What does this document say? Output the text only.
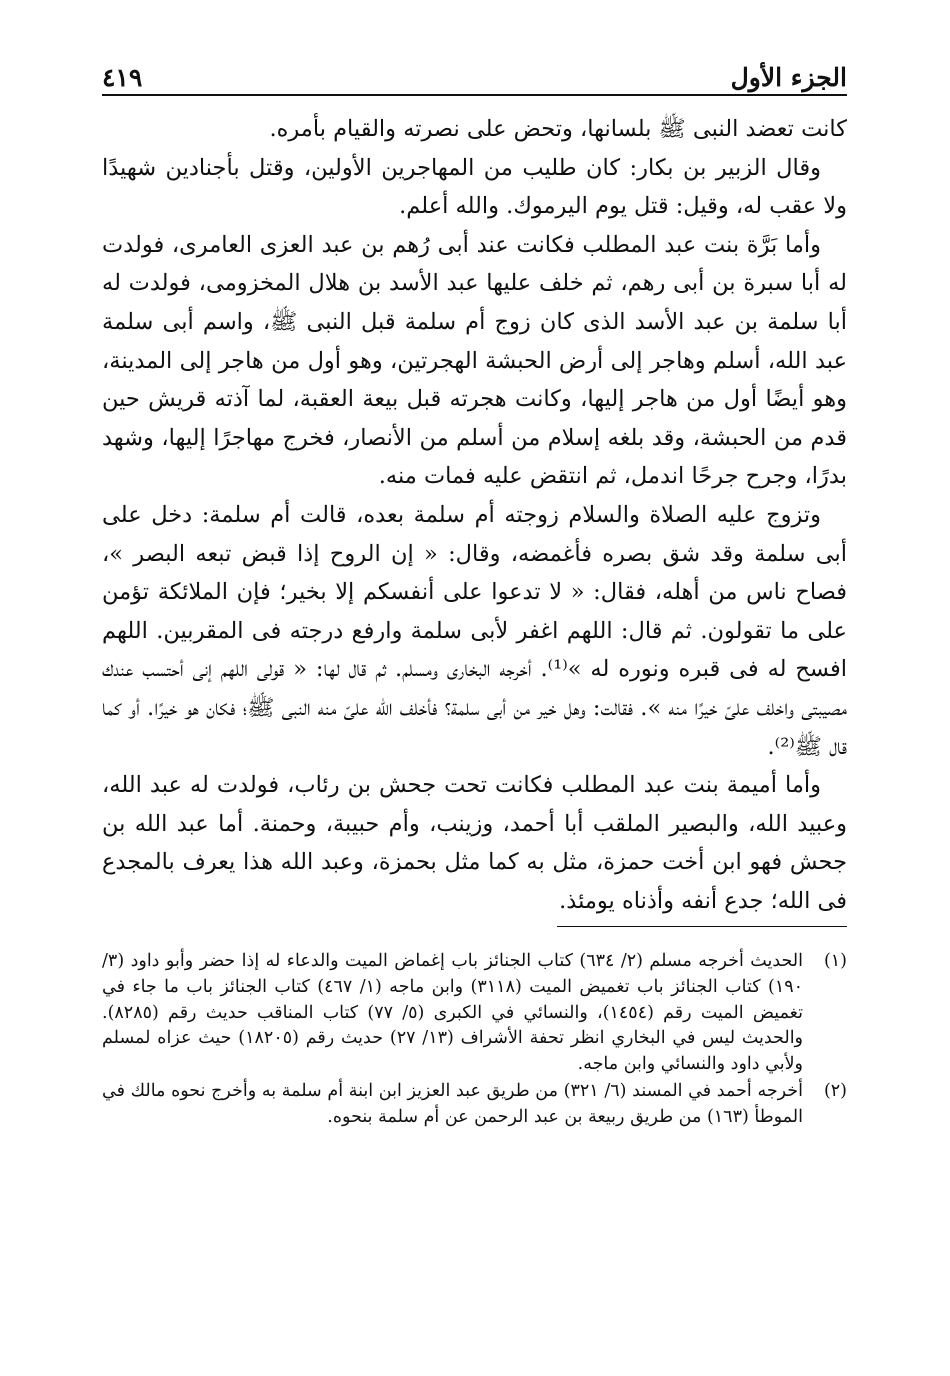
الجزء الأول
٤١٩

كانت تعضد النبى ﷺ بلسانها، وتحض على نصرته والقيام بأمره.

وقال الزبير بن بكار: كان طليب من المهاجرين الأولين، وقتل بأجنادين شهيدًا ولا عقب له، وقيل: قتل يوم اليرموك. والله أعلم.

وأما بَرَّة بنت عبد المطلب فكانت عند أبى رُهم بن عبد العزى العامرى، فولدت له أبا سبرة بن أبى رهم، ثم خلف عليها عبد الأسد بن هلال المخزومى، فولدت له أبا سلمة بن عبد الأسد الذى كان زوج أم سلمة قبل النبى ﷺ، واسم أبى سلمة عبد الله، أسلم وهاجر إلى أرض الحبشة الهجرتين، وهو أول من هاجر إلى المدينة، وهو أيضًا أول من هاجر إليها، وكانت هجرته قبل بيعة العقبة، لما آذته قريش حين قدم من الحبشة، وقد بلغه إسلام من أسلم من الأنصار، فخرج مهاجرًا إليها، وشهد بدرًا، وجرح جرحًا اندمل، ثم انتقض عليه فمات منه.

وتزوج عليه الصلاة والسلام زوجته أم سلمة بعده، قالت أم سلمة: دخل على أبى سلمة وقد شق بصره فأغمضه، وقال: « إن الروح إذا قبض تبعه البصر »، فصاح ناس من أهله، فقال: « لا تدعوا على أنفسكم إلا بخير؛ فإن الملائكة تؤمن على ما تقولون. ثم قال: اللهم اغفر لأبى سلمة وارفع درجته فى المقربين. اللهم افسح له فى قبره ونوره له »⁽¹⁾. أخرجه البخارى ومسلم. ثم قال لها: « قولى اللهم إنى أحتسب عندك مصيبتى واخلف علىّ خيرًا منه ». فقالت: وهل خير من أبى سلمة؟ فأخلف الله علىّ منه النبى ﷺ؛ فكان هو خيرًا. أو كما قال ﷺ⁽²⁾.

وأما أميمة بنت عبد المطلب فكانت تحت جحش بن رئاب، فولدت له عبد الله، وعبيد الله، والبصير الملقب أبا أحمد، وزينب، وأم حبيبة، وحمنة. أما عبد الله بن جحش فهو ابن أخت حمزة، مثل به كما مثل بحمزة، وعبد الله هذا يعرف بالمجدع فى الله؛ جدع أنفه وأذناه يومئذ.

(١)
الحديث أخرجه مسلم (٢/ ٦٣٤) كتاب الجنائز باب إغماض الميت والدعاء له إذا حضر وأبو داود (٣/ ١٩٠) كتاب الجنائز باب تغميض الميت (٣١١٨) وابن ماجه (١/ ٤٦٧) كتاب الجنائز باب ما جاء في تغميض الميت رقم (١٤٥٤)، والنسائي في الكبرى (٥/ ٧٧) كتاب المناقب حديث رقم (٨٢٨٥). والحديث ليس في البخاري انظر تحفة الأشراف (١٣/ ٢٧) حديث رقم (١٨٢٠٥) حيث عزاه لمسلم ولأبي داود والنسائي وابن ماجه.
(٢)
أخرجه أحمد في المسند (٦/ ٣٢١) من طريق عبد العزيز ابن ابنة أم سلمة به وأخرج نحوه مالك في الموطأ (١٦٣) من طريق ربيعة بن عبد الرحمن عن أم سلمة بنحوه.
